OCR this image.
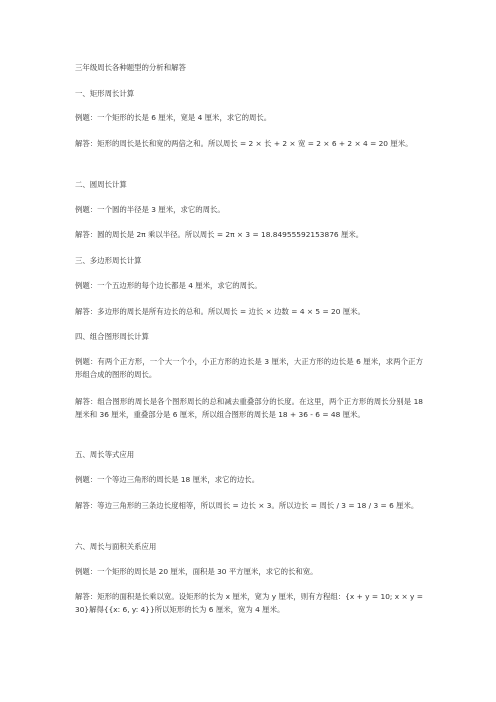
三年级周长各种题型的分析和解答

一、矩形周长计算

例题：一个矩形的长是 6 厘米，宽是 4 厘米，求它的周长。

解答：矩形的周长是长和宽的两倍之和。所以周长 = 2 × 长 + 2 × 宽 = 2 × 6 + 2 × 4 = 20 厘米。

二、圆周长计算

例题：一个圆的半径是 3 厘米，求它的周长。

解答：圆的周长是 2π 乘以半径。所以周长 = 2π × 3 = 18.84955592153876 厘米。

三、多边形周长计算

例题：一个五边形的每个边长都是 4 厘米，求它的周长。

解答：多边形的周长是所有边长的总和。所以周长 = 边长 × 边数 = 4 × 5 = 20 厘米。

四、组合图形周长计算

例题：有两个正方形，一个大一个小，小正方形的边长是 3 厘米，大正方形的边长是 6 厘米，求两个正方形组合成的图形的周长。

解答：组合图形的周长是各个图形周长的总和减去重叠部分的长度。在这里，两个正方形的周长分别是 18 厘米和 36 厘米，重叠部分是 6 厘米，所以组合图形的周长是 18 + 36 - 6 = 48 厘米。

五、周长等式应用

例题：一个等边三角形的周长是 18 厘米，求它的边长。

解答：等边三角形的三条边长度相等，所以周长 = 边长 × 3。所以边长 = 周长 / 3 = 18 / 3 = 6 厘米。

六、周长与面积关系应用

例题：一个矩形的周长是 20 厘米，面积是 30 平方厘米，求它的长和宽。

解答：矩形的面积是长乘以宽。设矩形的长为 x 厘米，宽为 y 厘米，则有方程组：{x + y = 10; x × y = 30}解得{{x: 6, y: 4}}所以矩形的长为 6 厘米，宽为 4 厘米。
